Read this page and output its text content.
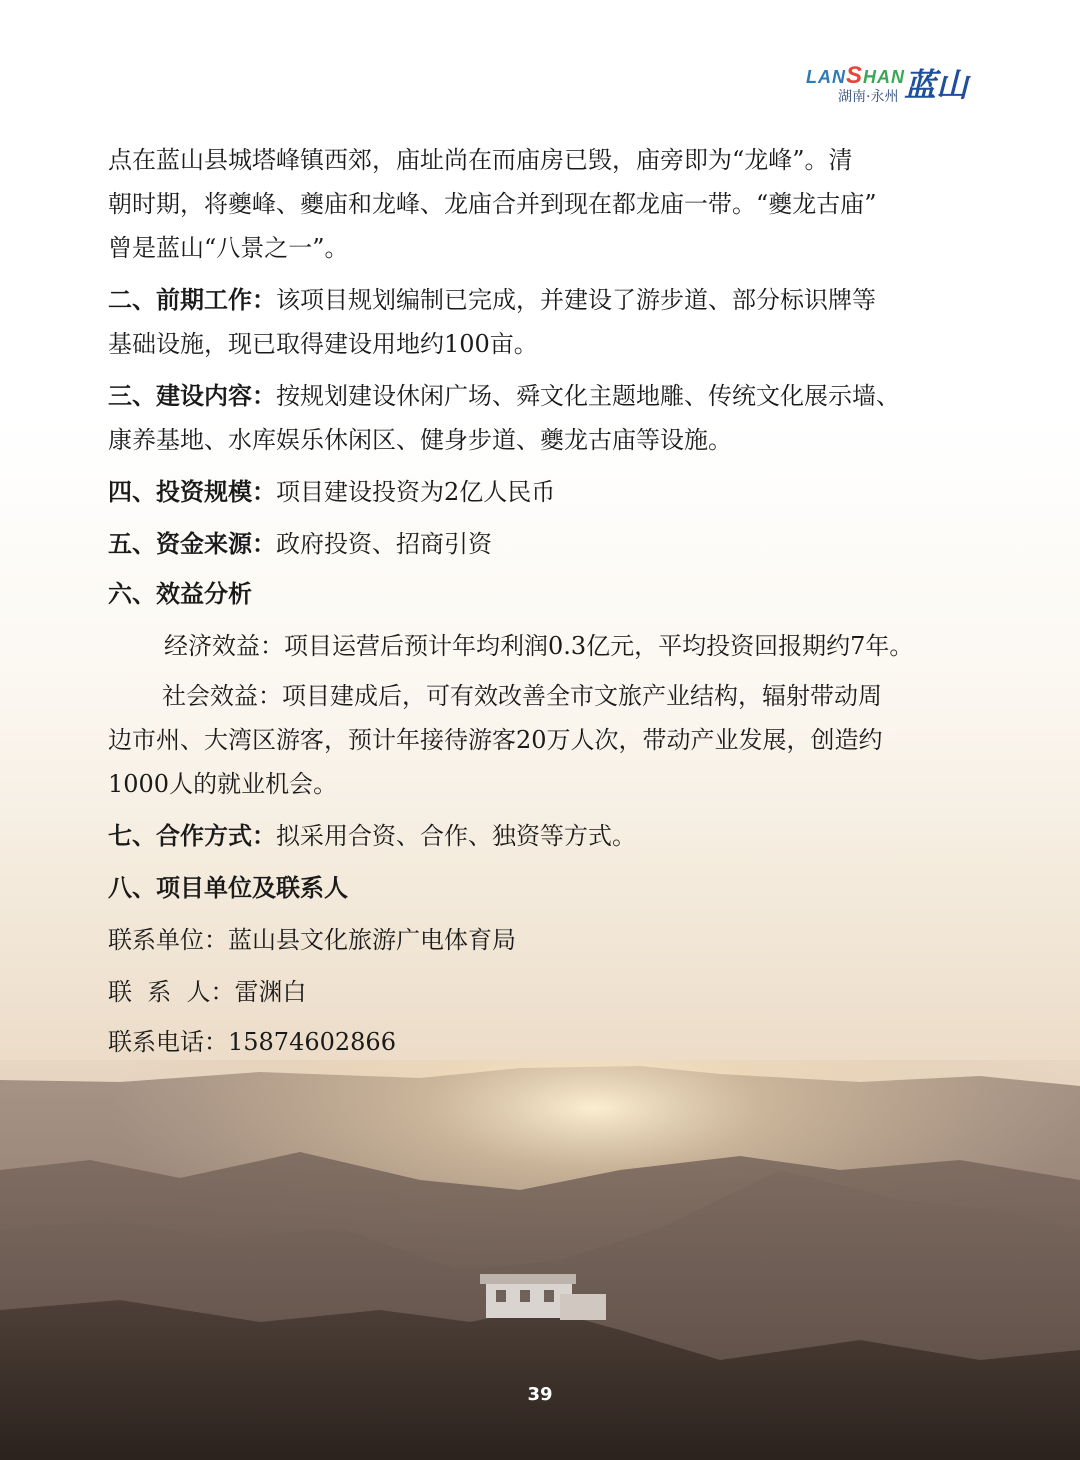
LANSHAN
湖南·永州 蓝山
点在蓝山县城塔峰镇西郊，庙址尚在而庙房已毁，庙旁即为“龙峰”。清
朝时期，将夔峰、夔庙和龙峰、龙庙合并到现在都龙庙一带。“夔龙古庙”
曾是蓝山“八景之一”。
二、前期工作：该项目规划编制已完成，并建设了游步道、部分标识牌等
基础设施，现已取得建设用地约100亩。
三、建设内容：按规划建设休闲广场、舜文化主题地雕、传统文化展示墙、
康养基地、水库娱乐休闲区、健身步道、夔龙古庙等设施。
四、投资规模：项目建设投资为2亿人民币
五、资金来源：政府投资、招商引资
六、效益分析
经济效益：项目运营后预计年均利润0.3亿元，平均投资回报期约7年。
社会效益：项目建成后，可有效改善全市文旅产业结构，辐射带动周
边市州、大湾区游客，预计年接待游客20万人次，带动产业发展，创造约
1000人的就业机会。
七、合作方式：拟采用合资、合作、独资等方式。
八、项目单位及联系人
联系单位：蓝山县文化旅游广电体育局
联  系  人：雷渊白
联系电话：15874602866
39
